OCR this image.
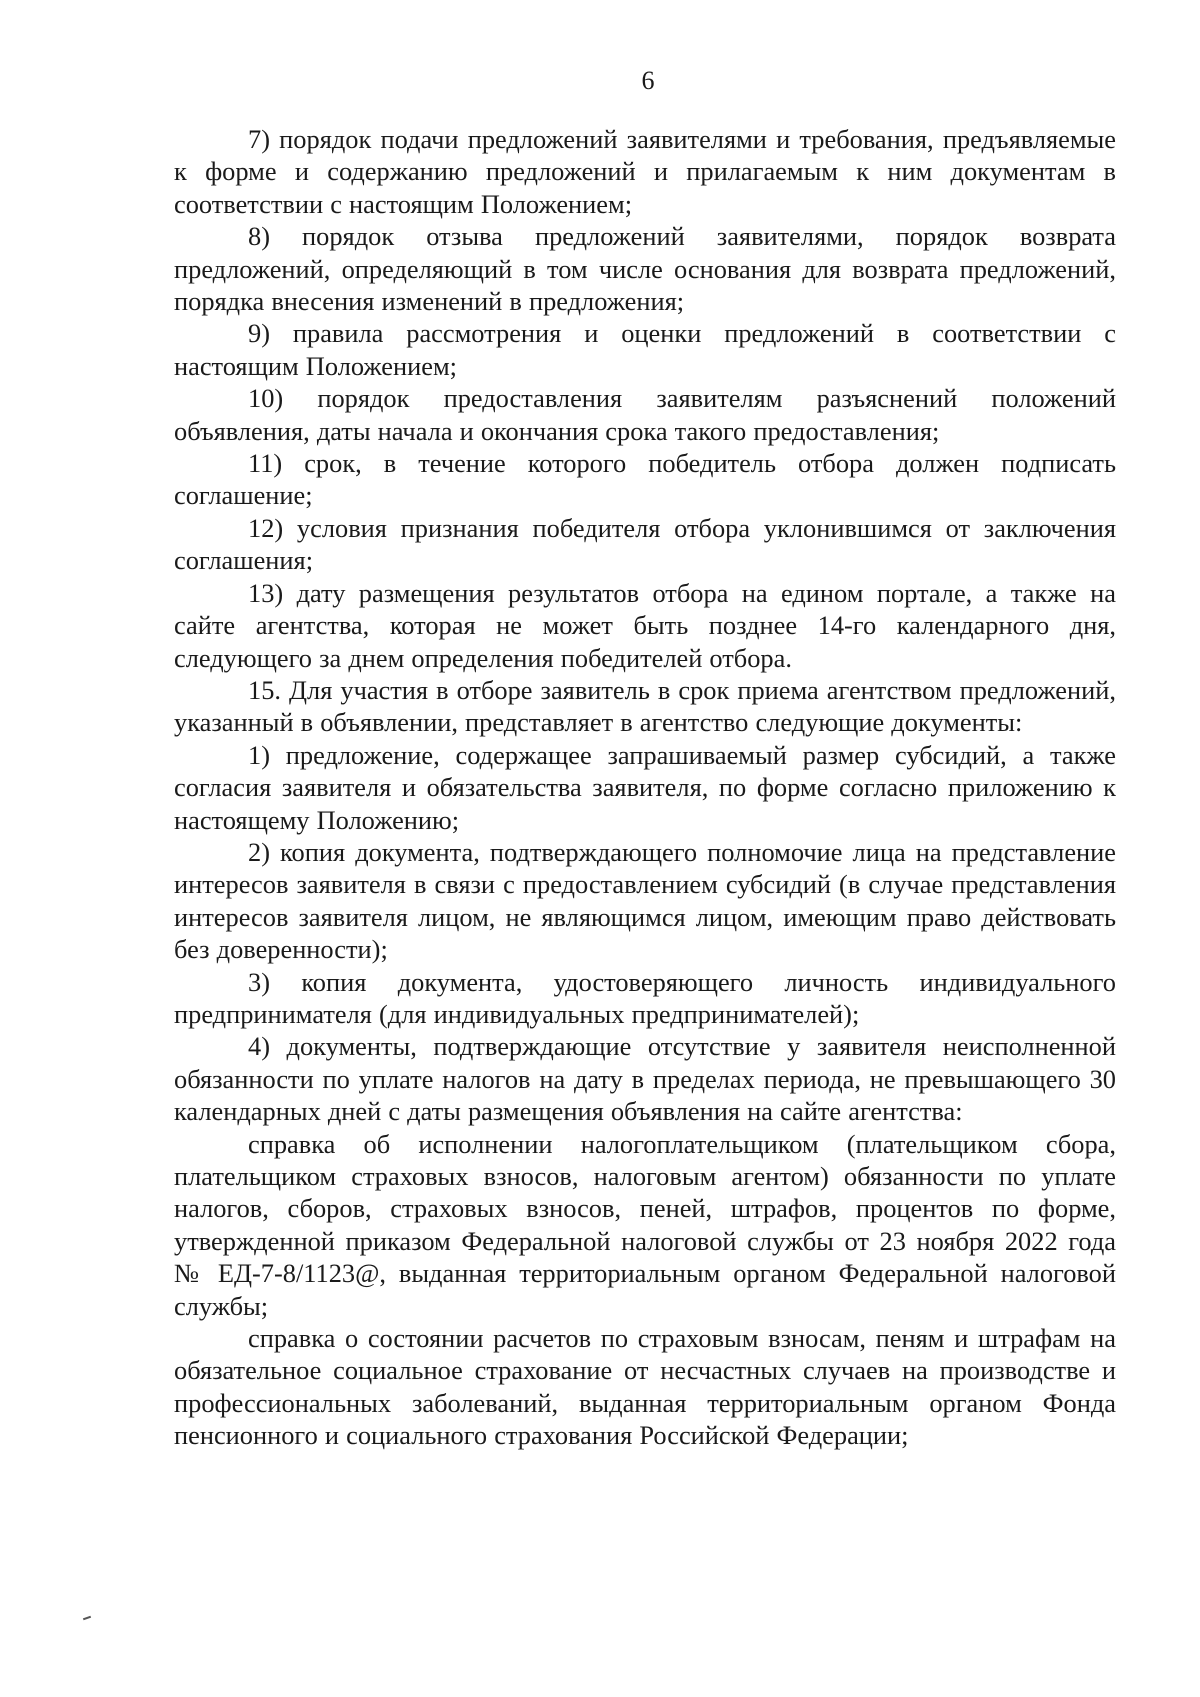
6

7) порядок подачи предложений заявителями и требования, предъявляемые к форме и содержанию предложений и прилагаемым к ним документам в соответствии с настоящим Положением;

8) порядок отзыва предложений заявителями, порядок возврата предложений, определяющий в том числе основания для возврата предложений, порядка внесения изменений в предложения;

9) правила рассмотрения и оценки предложений в соответствии с настоящим Положением;

10) порядок предоставления заявителям разъяснений положений объявления, даты начала и окончания срока такого предоставления;

11) срок, в течение которого победитель отбора должен подписать соглашение;

12) условия признания победителя отбора уклонившимся от заключения соглашения;

13) дату размещения результатов отбора на едином портале, а также на сайте агентства, которая не может быть позднее 14-го календарного дня, следующего за днем определения победителей отбора.

15. Для участия в отборе заявитель в срок приема агентством предложений, указанный в объявлении, представляет в агентство следующие документы:

1) предложение, содержащее запрашиваемый размер субсидий, а также согласия заявителя и обязательства заявителя, по форме согласно приложению к настоящему Положению;

2) копия документа, подтверждающего полномочие лица на представление интересов заявителя в связи с предоставлением субсидий (в случае представления интересов заявителя лицом, не являющимся лицом, имеющим право действовать без доверенности);

3) копия документа, удостоверяющего личность индивидуального предпринимателя (для индивидуальных предпринимателей);

4) документы, подтверждающие отсутствие у заявителя неисполненной обязанности по уплате налогов на дату в пределах периода, не превышающего 30 календарных дней с даты размещения объявления на сайте агентства:

справка об исполнении налогоплательщиком (плательщиком сбора, плательщиком страховых взносов, налоговым агентом) обязанности по уплате налогов, сборов, страховых взносов, пеней, штрафов, процентов по форме, утвержденной приказом Федеральной налоговой службы от 23 ноября 2022 года № ЕД-7-8/1123@, выданная территориальным органом Федеральной налоговой службы;

справка о состоянии расчетов по страховым взносам, пеням и штрафам на обязательное социальное страхование от несчастных случаев на производстве и профессиональных заболеваний, выданная территориальным органом Фонда пенсионного и социального страхования Российской Федерации;
